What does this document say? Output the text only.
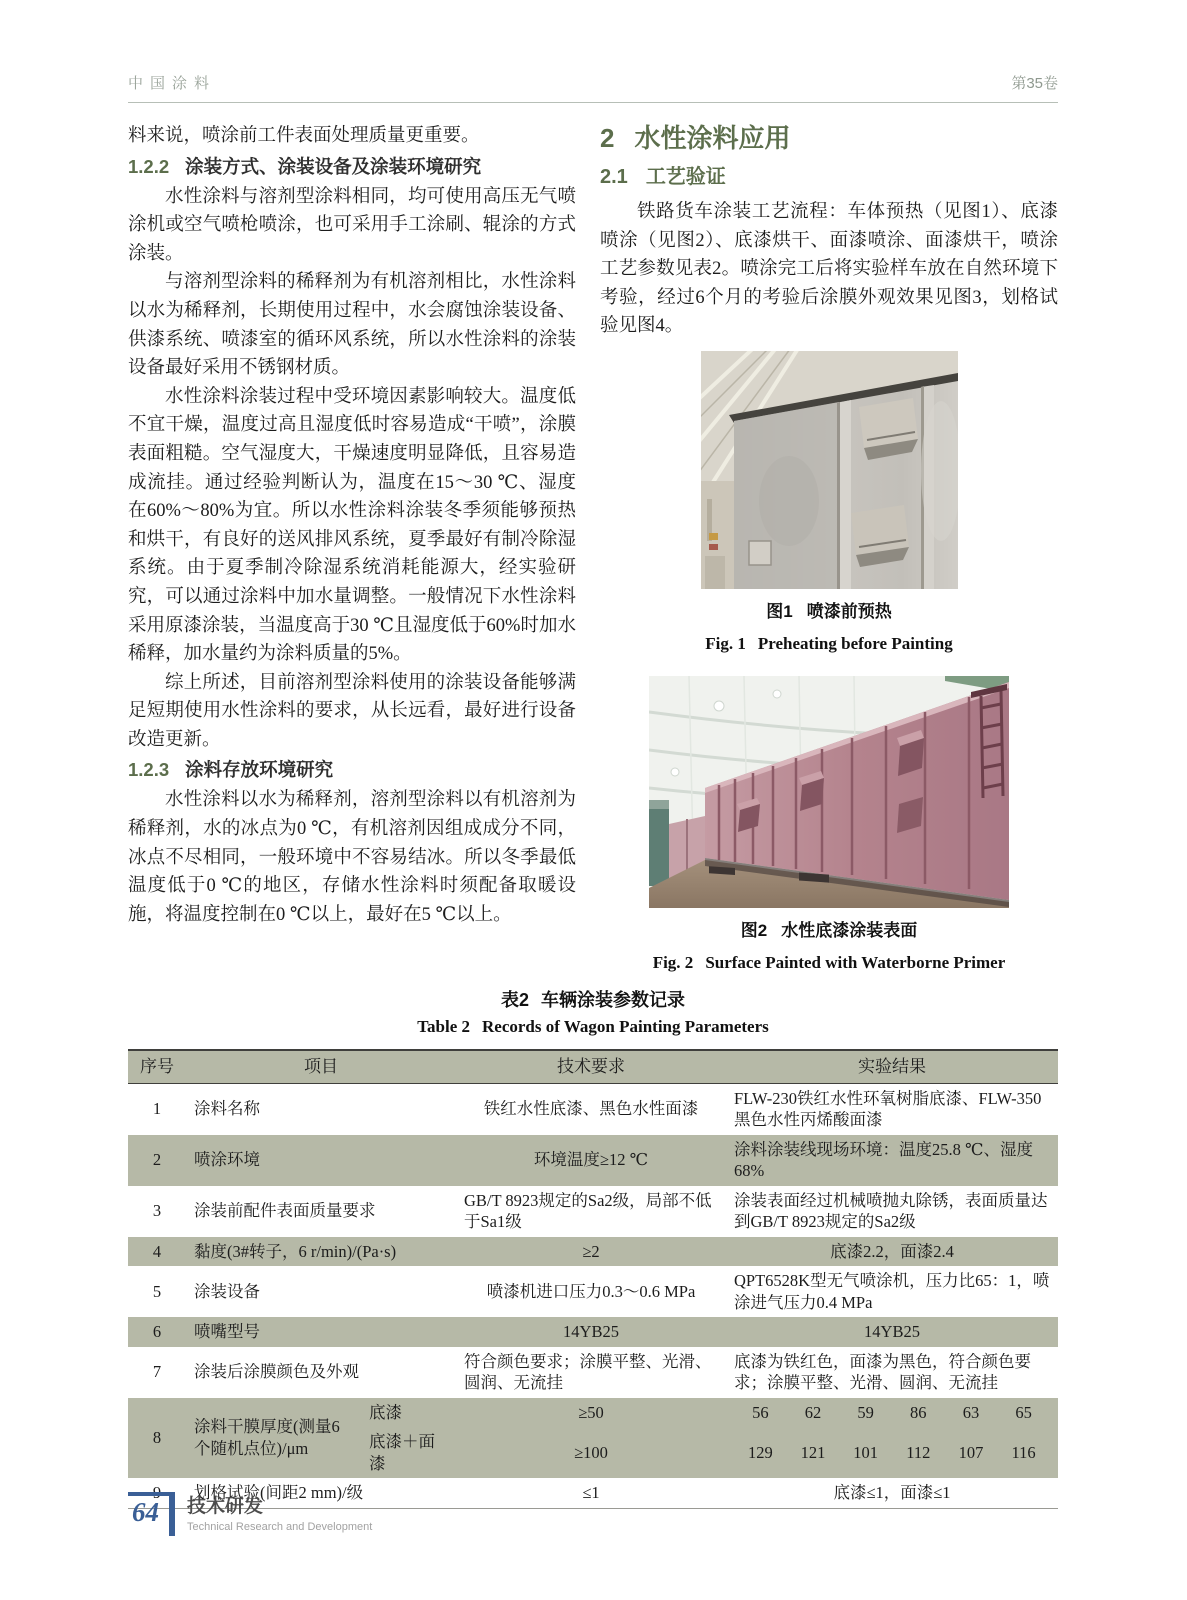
中国涂料	第35卷

料来说，喷涂前工件表面处理质量更重要。

1.2.2 涂装方式、涂装设备及涂装环境研究

水性涂料与溶剂型涂料相同，均可使用高压无气喷涂机或空气喷枪喷涂，也可采用手工涂刷、辊涂的方式涂装。

与溶剂型涂料的稀释剂为有机溶剂相比，水性涂料以水为稀释剂，长期使用过程中，水会腐蚀涂装设备、供漆系统、喷漆室的循环风系统，所以水性涂料的涂装设备最好采用不锈钢材质。

水性涂料涂装过程中受环境因素影响较大。温度低不宜干燥，温度过高且湿度低时容易造成“干喷”，涂膜表面粗糙。空气湿度大，干燥速度明显降低，且容易造成流挂。通过经验判断认为，温度在15～30 ℃、湿度在60%～80%为宜。所以水性涂料涂装冬季须能够预热和烘干，有良好的送风排风系统，夏季最好有制冷除湿系统。由于夏季制冷除湿系统消耗能源大，经实验研究，可以通过涂料中加水量调整。一般情况下水性涂料采用原漆涂装，当温度高于30 ℃且湿度低于60%时加水稀释，加水量约为涂料质量的5%。

综上所述，目前溶剂型涂料使用的涂装设备能够满足短期使用水性涂料的要求，从长远看，最好进行设备改造更新。

1.2.3 涂料存放环境研究

水性涂料以水为稀释剂，溶剂型涂料以有机溶剂为稀释剂，水的冰点为0 ℃，有机溶剂因组成成分不同，冰点不尽相同，一般环境中不容易结冰。所以冬季最低温度低于0 ℃的地区，存储水性涂料时须配备取暖设施，将温度控制在0 ℃以上，最好在5 ℃以上。

2 水性涂料应用
2.1 工艺验证

铁路货车涂装工艺流程：车体预热（见图1）、底漆喷涂（见图2）、底漆烘干、面漆喷涂、面漆烘干，喷涂工艺参数见表2。喷涂完工后将实验样车放在自然环境下考验，经过6个月的考验后涂膜外观效果见图3，划格试验见图4。

图1 喷漆前预热
Fig. 1 Preheating before Painting
图2 水性底漆涂装表面
Fig. 2 Surface Painted with Waterborne Primer
表2 车辆涂装参数记录
Table 2 Records of Wagon Painting Parameters
序号	项目		技术要求	实验结果
1	涂料名称		铁红水性底漆、黑色水性面漆	FLW-230铁红水性环氧树脂底漆、FLW-350黑色水性丙烯酸面漆
2	喷涂环境		环境温度≥12 ℃	涂料涂装线现场环境：温度25.8 ℃、湿度68%
3	涂装前配件表面质量要求		GB/T 8923规定的Sa2级，局部不低于Sa1级	涂装表面经过机械喷抛丸除锈，表面质量达到GB/T 8923规定的Sa2级
4	黏度(3#转子，6 r/min)/(Pa·s)		≥2	底漆2.2，面漆2.4
5	涂装设备		喷漆机进口压力0.3～0.6 MPa	QPT6528K型无气喷涂机，压力比65：1，喷涂进气压力0.4 MPa
6	喷嘴型号		14YB25	14YB25
7	涂装后涂膜颜色及外观		符合颜色要求；涂膜平整、光滑、圆润、无流挂	底漆为铁红色，面漆为黑色，符合颜色要求；涂膜平整、光滑、圆润、无流挂
8	涂料干膜厚度(测量6个随机点位)/μm	底漆	≥50	56	62	59	86	63	65

底漆＋面漆	≥100	129 121 101 112 107 116

9	划格试验(间距2 mm)/级		≤1	底漆≤1，面漆≤1
64	技术研发
Technical Research and Development
